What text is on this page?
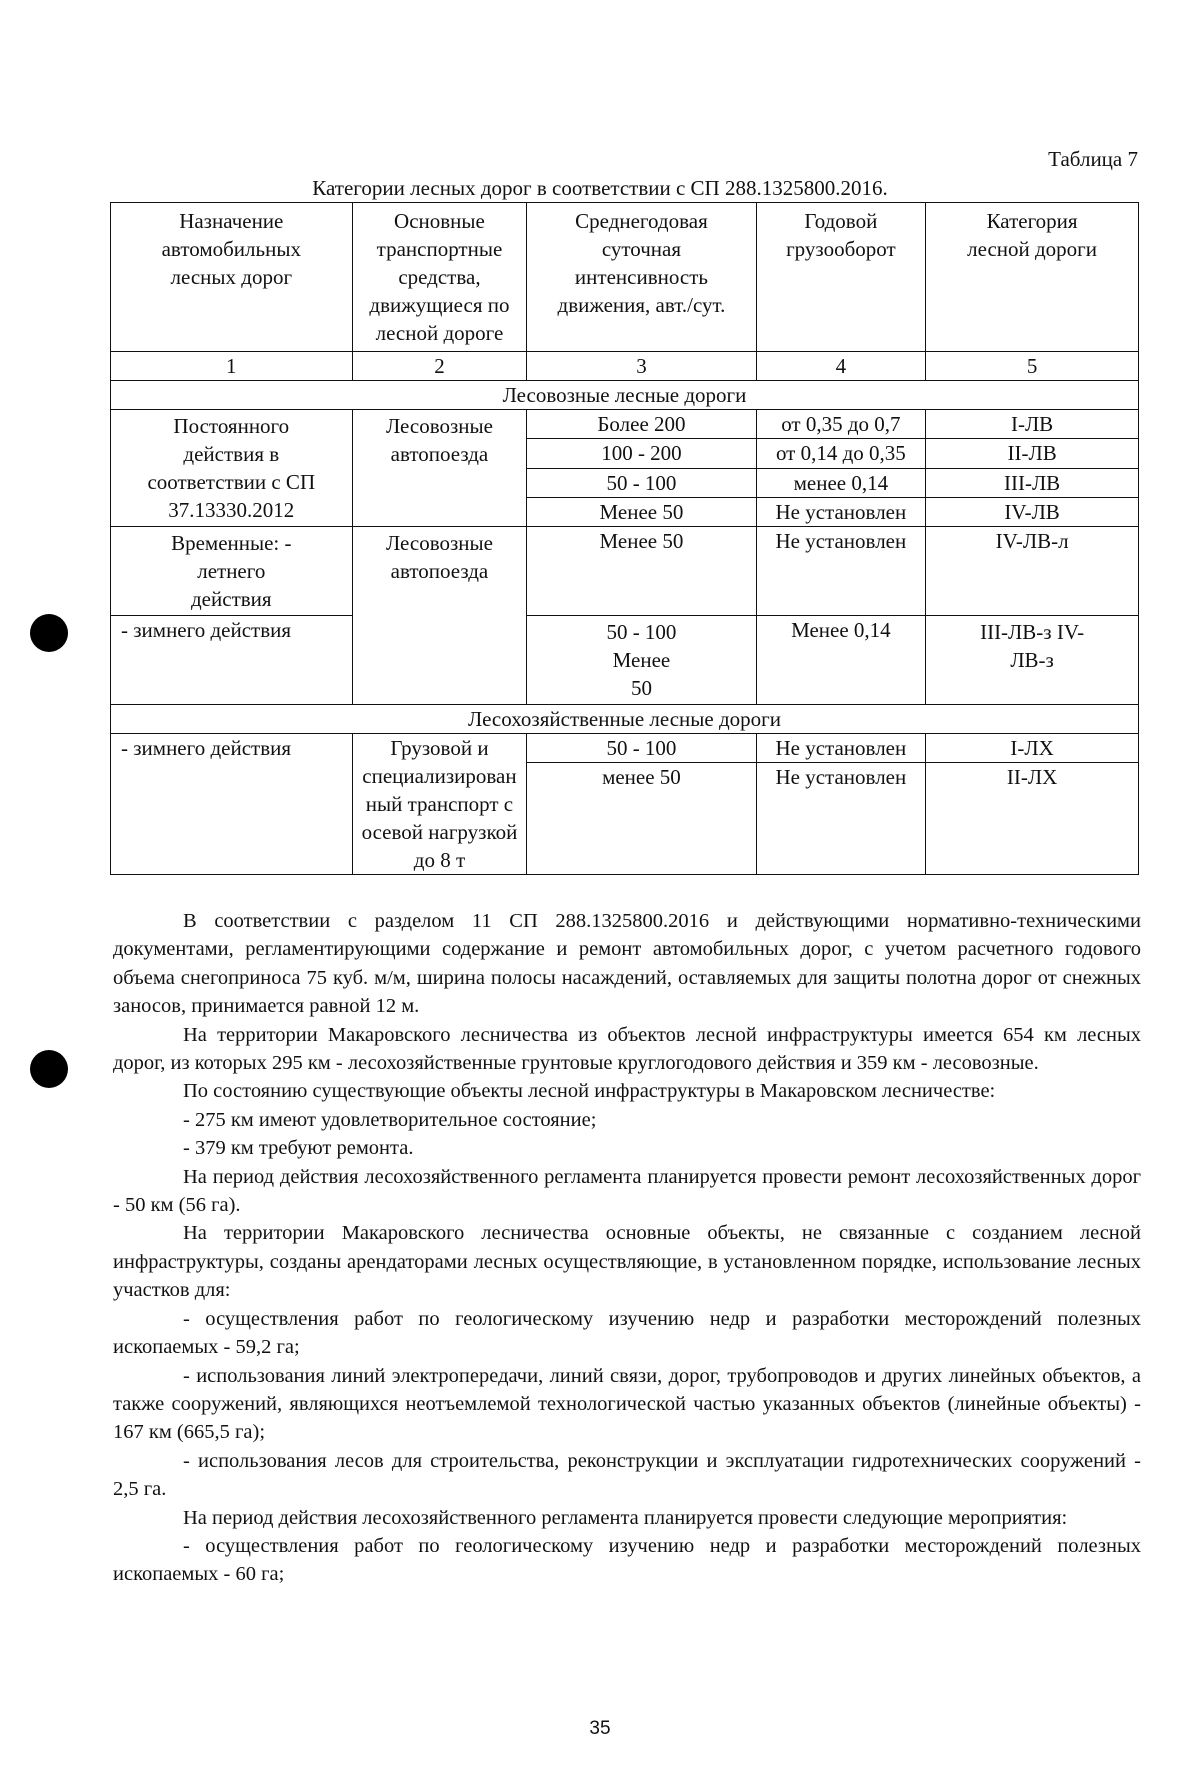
Таблица 7
Категории лесных дорог в соответствии с СП 288.1325800.2016.
Назначение автомобильных лесных дорог	Основные транспортные средства, движущиеся по лесной дороге	Среднегодовая суточная интенсивность движения, авт./сут.	Годовой грузооборот	Категория лесной дороги
1	2	3	4	5
Лесовозные лесные дороги				
Постоянного действия в соответствии с СП 37.13330.2012	Лесовозные автопоезда	Более 200	от 0,35 до 0,7	I-ЛВ
		100 - 200	от 0,14 до 0,35	II-ЛВ
		50 - 100	менее 0,14	III-ЛВ
		Менее 50	Не установлен	IV-ЛВ
Временные: - летнего действия	Лесовозные автопоезда	Менее 50	Не установлен	IV-ЛВ-л
- зимнего действия		50 - 100 Менее 50	Менее 0,14	III-ЛВ-з IV-ЛВ-з
Лесохозяйственные лесные дороги				
- зимнего действия	Грузовой и специализирован ный транспорт с осевой нагрузкой до 8 т	50 - 100	Не установлен	I-ЛХ
		менее 50	Не установлен	II-ЛХ

В соответствии с разделом 11 СП 288.1325800.2016 и действующими нормативно-техническими документами, регламентирующими содержание и ремонт автомобильных дорог, с учетом расчетного годового объема снегоприноса 75 куб. м/м, ширина полосы насаждений, оставляемых для защиты полотна дорог от снежных заносов, принимается равной 12 м.

На территории Макаровского лесничества из объектов лесной инфраструктуры имеется 654 км лесных дорог, из которых 295 км - лесохозяйственные грунтовые круглогодового действия и 359 км - лесовозные.

По состоянию существующие объекты лесной инфраструктуры в Макаровском лесничестве:

- 275 км имеют удовлетворительное состояние;

- 379 км требуют ремонта.

На период действия лесохозяйственного регламента планируется провести ремонт лесохозяйственных дорог - 50 км (56 га).

На территории Макаровского лесничества основные объекты, не связанные с созданием лесной инфраструктуры, созданы арендаторами лесных осуществляющие, в установленном порядке, использование лесных участков для:

- осуществления работ по геологическому изучению недр и разработки месторождений полезных ископаемых - 59,2 га;

- использования линий электропередачи, линий связи, дорог, трубопроводов и других линейных объектов, а также сооружений, являющихся неотъемлемой технологической частью указанных объектов (линейные объекты) - 167 км (665,5 га);

- использования лесов для строительства, реконструкции и эксплуатации гидротехнических сооружений - 2,5 га.

На период действия лесохозяйственного регламента планируется провести следующие мероприятия:

- осуществления работ по геологическому изучению недр и разработки месторождений полезных ископаемых - 60 га;

35
